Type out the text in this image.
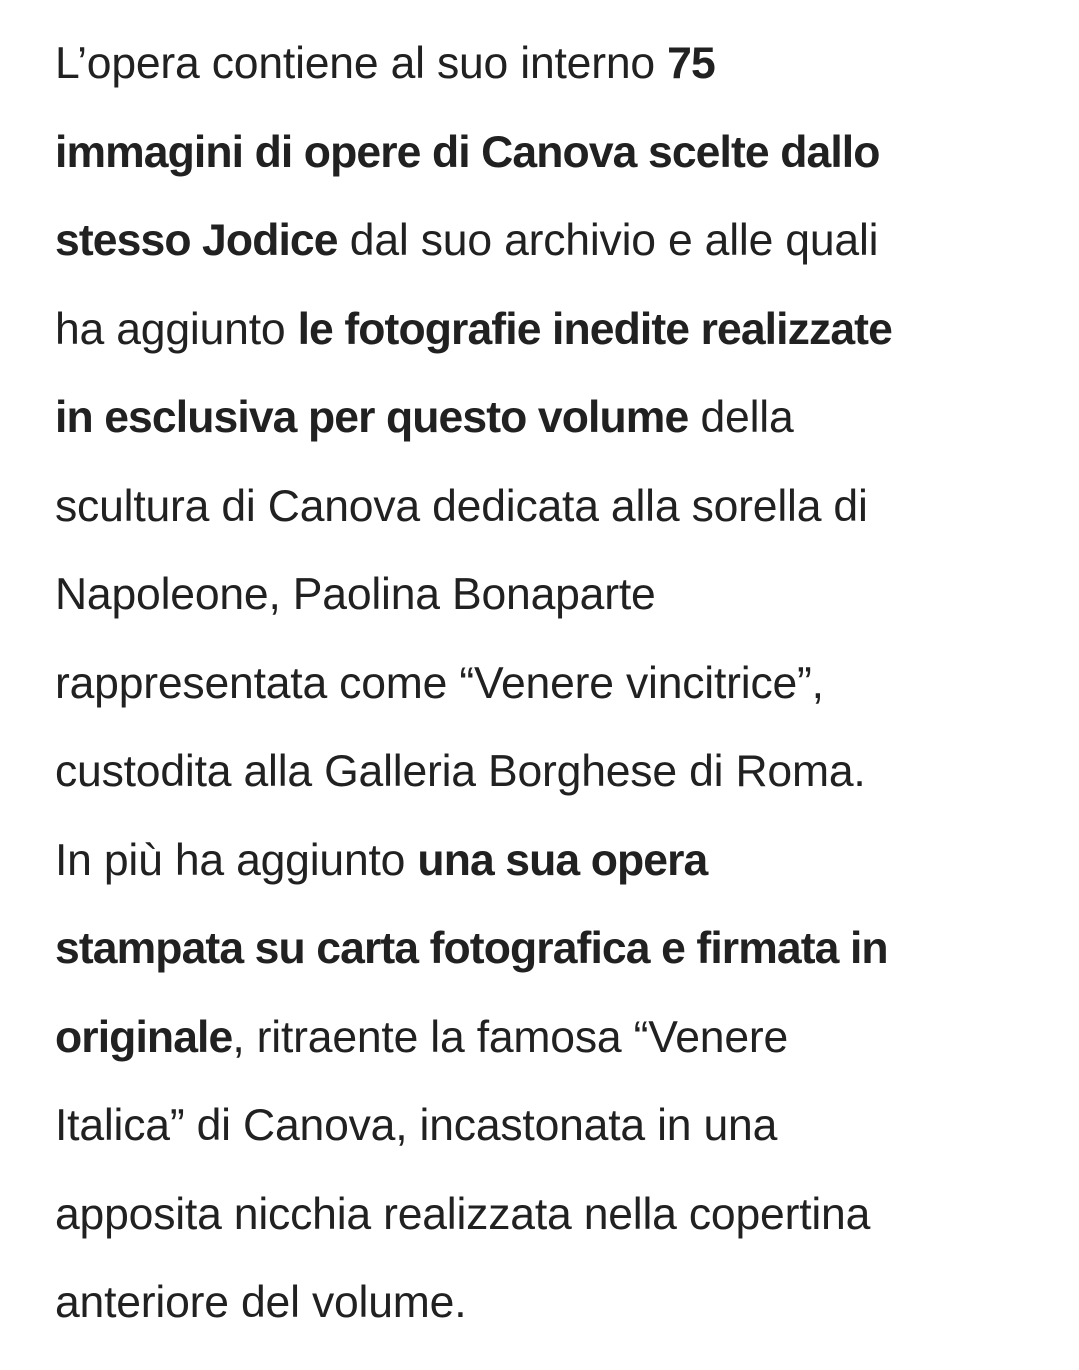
L’opera contiene al suo interno 75
immagini di opere di Canova scelte dallo
stesso Jodice dal suo archivio e alle quali
ha aggiunto le fotografie inedite realizzate
in esclusiva per questo volume della
scultura di Canova dedicata alla sorella di
Napoleone, Paolina Bonaparte
rappresentata come “Venere vincitrice”,
custodita alla Galleria Borghese di Roma.
In più ha aggiunto una sua opera
stampata su carta fotografica e firmata in
originale, ritraente la famosa “Venere
Italica” di Canova, incastonata in una
apposita nicchia realizzata nella copertina
anteriore del volume.
